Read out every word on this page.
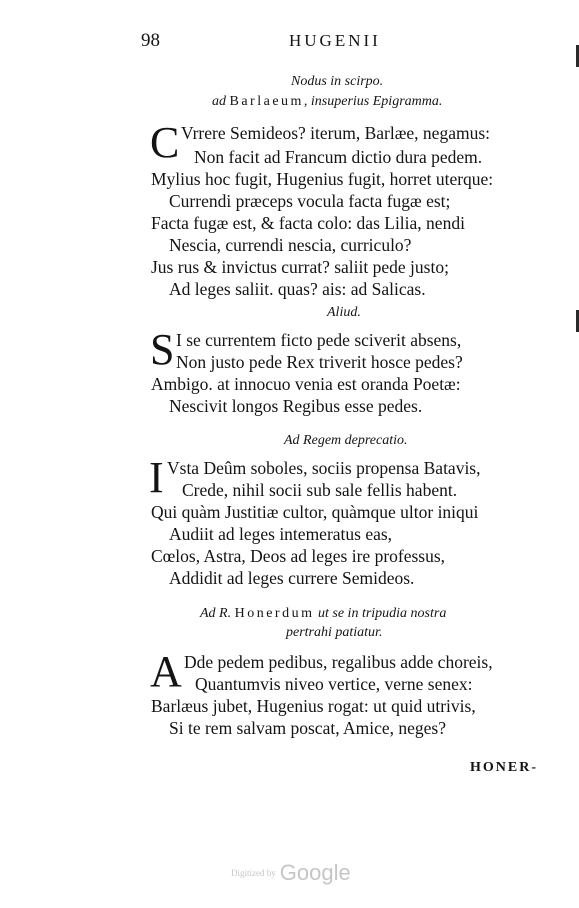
98	HUGENII
Nodus in scirpo.
ad Barlaeum, insuperius Epigramma.
C Vrrere Semideos? iterum, Barlæe, negamus:
Non facit ad Francum dictio dura pedem.
Mylius hoc fugit, Hugenius fugit, horret uterque:
Currendi præceps vocula facta fugæ est;
Facta fugæ est, & facta colo: das Lilia, nendi
Nescia, currendi nescia, curriculo?
Jus rus & invictus currat? saliit pede justo;
Ad leges saliit. quas? ais: ad Salicas.
Aliud.
S I se currentem ficto pede sciverit absens,
Non justo pede Rex triverit hosce pedes?
Ambigo. at innocuo venia est oranda Poetæ:
Nescivit longos Regibus esse pedes.
Ad Regem deprecatio.
I Vsta Deûm soboles, sociis propensa Batavis,
Crede, nihil socii sub sale fellis habent.
Qui quàm Justitiæ cultor, quàmque ultor iniqui
Audiit ad leges intemeratus eas,
Cœlos, Astra, Deos ad leges ire professus,
Addidit ad leges currere Semideos.
Ad R. Honerdum ut se in tripudia nostra
pertrahi patiatur.
A Dde pedem pedibus, regalibus adde choreis,
Quantumvis niveo vertice, verne senex:
Barlæus jubet, Hugenius rogat: ut quid utrivis,
Si te rem salvam poscat, Amice, neges?
HONER-
Digitized by Google
